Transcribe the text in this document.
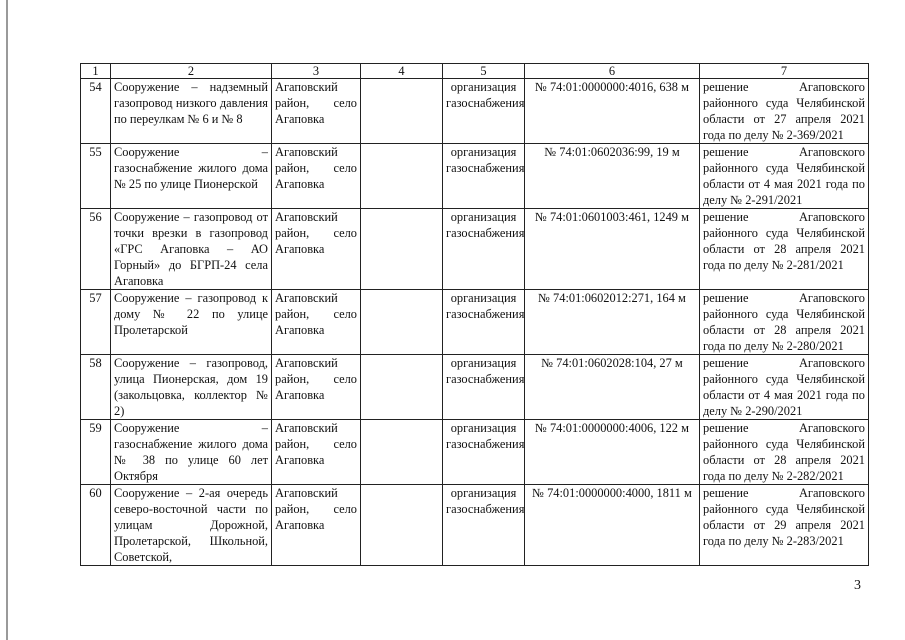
1	2	3	4	5	6	7
54	Сооружение – надземный газопровод низкого давления по переулкам № 6 и № 8	Агаповский район, село Агаповка		организация газоснабжения	№ 74:01:0000000:4016, 638 м	решение Агаповского районного суда Челябинской области от 27 апреля 2021 года по делу № 2-369/2021
55	Сооружение – газоснабжение жилого дома № 25 по улице Пионерской	Агаповский район, село Агаповка		организация газоснабжения	№ 74:01:0602036:99, 19 м	решение Агаповского районного суда Челябинской области от 4 мая 2021 года по делу № 2-291/2021
56	Сооружение – газопровод от точки врезки в газопровод «ГРС Агаповка – АО Горный» до БГРП-24 села Агаповка	Агаповский район, село Агаповка		организация газоснабжения	№ 74:01:0601003:461, 1249 м	решение Агаповского районного суда Челябинской области от 28 апреля 2021 года по делу № 2-281/2021
57	Сооружение – газопровод к дому № 22 по улице Пролетарской	Агаповский район, село Агаповка		организация газоснабжения	№ 74:01:0602012:271, 164 м	решение Агаповского районного суда Челябинской области от 28 апреля 2021 года по делу № 2-280/2021
58	Сооружение – газопровод, улица Пионерская, дом 19 (закольцовка, коллектор № 2)	Агаповский район, село Агаповка		организация газоснабжения	№ 74:01:0602028:104, 27 м	решение Агаповского районного суда Челябинской области от 4 мая 2021 года по делу № 2-290/2021
59	Сооружение – газоснабжение жилого дома № 38 по улице 60 лет Октября	Агаповский район, село Агаповка		организация газоснабжения	№ 74:01:0000000:4006, 122 м	решение Агаповского районного суда Челябинской области от 28 апреля 2021 года по делу № 2-282/2021
60	Сооружение – 2-ая очередь северо-восточной части по улицам Дорожной, Пролетарской, Школьной, Советской,	Агаповский район, село Агаповка		организация газоснабжения	№ 74:01:0000000:4000, 1811 м	решение Агаповского районного суда Челябинской области от 29 апреля 2021 года по делу № 2-283/2021
3
